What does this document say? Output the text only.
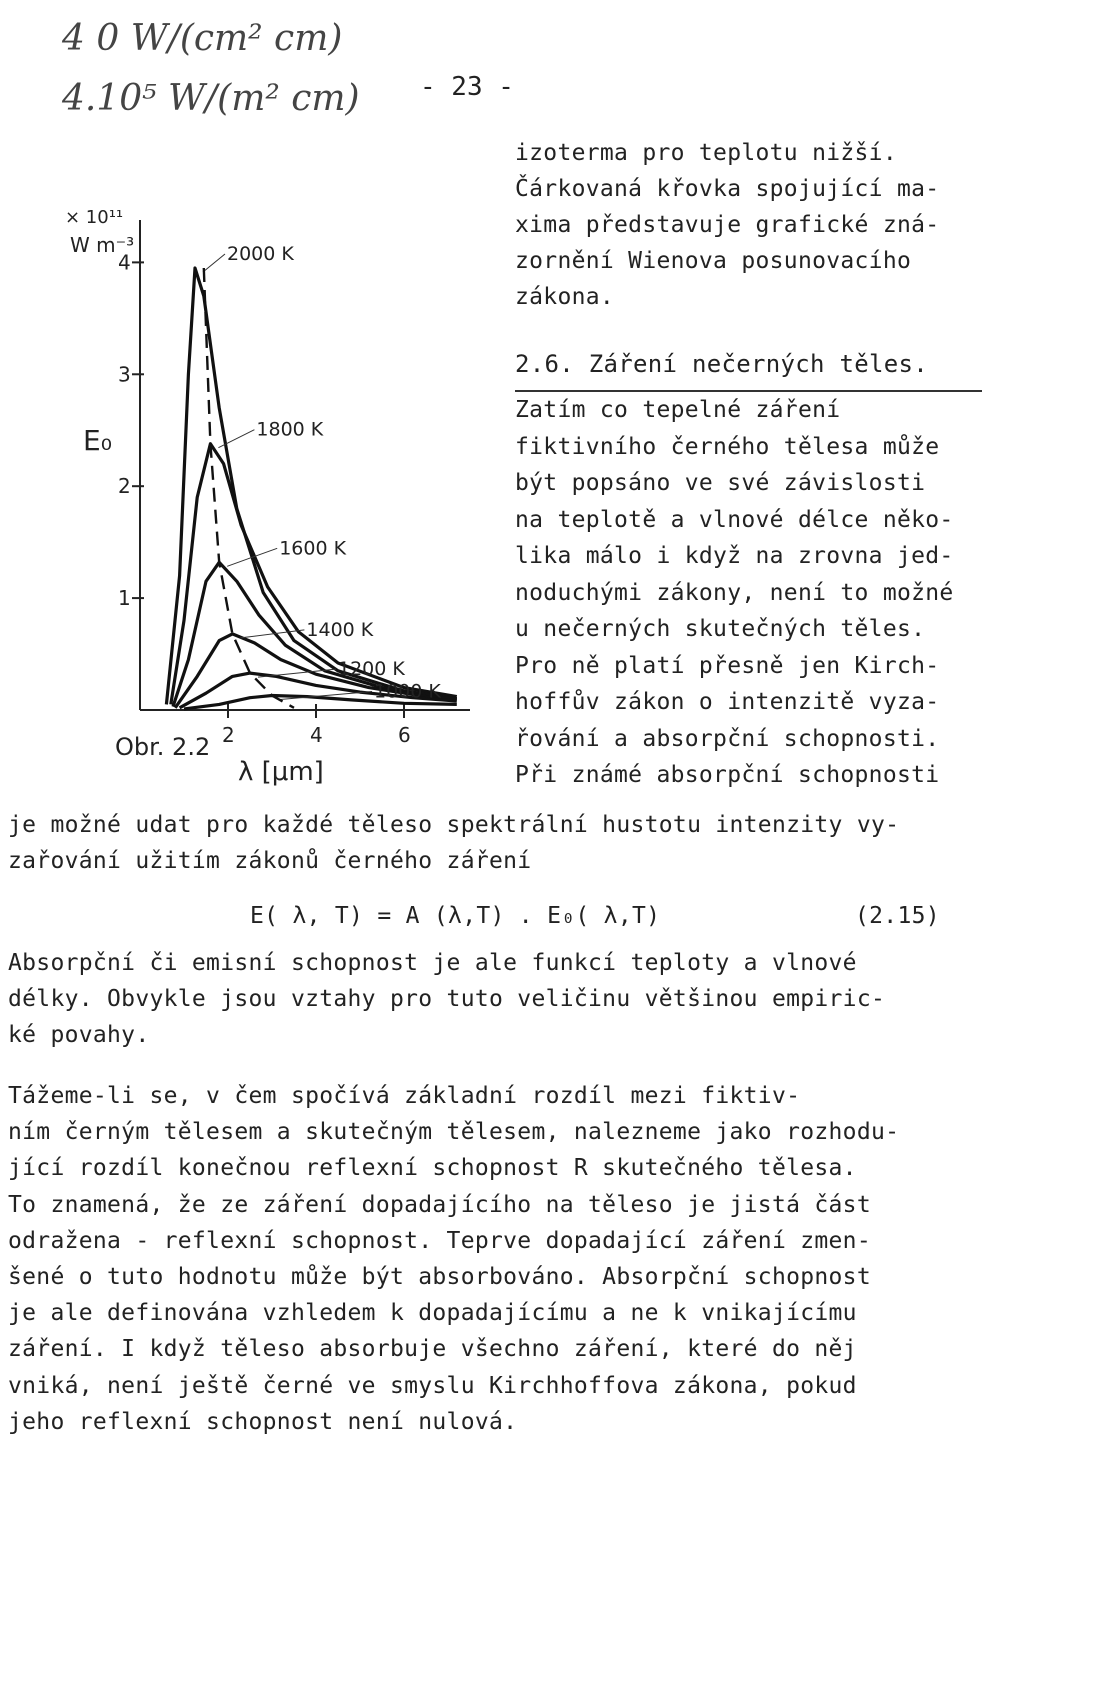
4 0 W/(cm² cm)
4.10⁵ W/(m² cm) - 23 -
× 10¹¹
W m⁻³
E₀
λ [μm]
Obr. 2.2
1
2
3
4
2	4	6
2000 K
1800 K
1600 K
1400 K
1200 K
1000 K
2.6. Záření nečerných těles.
izoterma pro teplotu nižší.
Čárkovaná křovka spojující ma-
xima představuje grafické zná-
zornění Wienova posunovacího
zákona.
Zatím co tepelné záření
fiktivního černého tělesa může
být popsáno ve své závislosti
na teplotě a vlnové délce něko-
lika málo i když na zrovna jed-
noduchými zákony, není to možné
u nečerných skutečných těles.
Pro ně platí přesně jen Kirch-
hoffův zákon o intenzitě vyza-
řování a absorpční schopnosti.
Při známé absorpční schopnosti
je možné udat pro každé těleso spektrální hustotu intenzity vy-
zařování užitím zákonů černého záření
Absorpční či emisní schopnost je ale funkcí teploty a vlnové
délky. Obvykle jsou vztahy pro tuto veličinu většinou empiric-
ké povahy.
Tážeme-li se, v čem spočívá základní rozdíl mezi fiktiv-
ním černým tělesem a skutečným tělesem, nalezneme jako rozhodu-
jící rozdíl konečnou reflexní schopnost R skutečného tělesa.
To znamená, že ze záření dopadajícího na těleso je jistá část
odražena - reflexní schopnost. Teprve dopadající záření zmen-
šené o tuto hodnotu může být absorbováno. Absorpční schopnost
je ale definována vzhledem k dopadajícímu a ne k vnikajícímu
záření. I když těleso absorbuje všechno záření, které do něj
vniká, není ještě černé ve smyslu Kirchhoffova zákona, pokud
jeho reflexní schopnost není nulová.
E( λ, T) = A (λ,T) . E₀( λ,T)	(2.15)
